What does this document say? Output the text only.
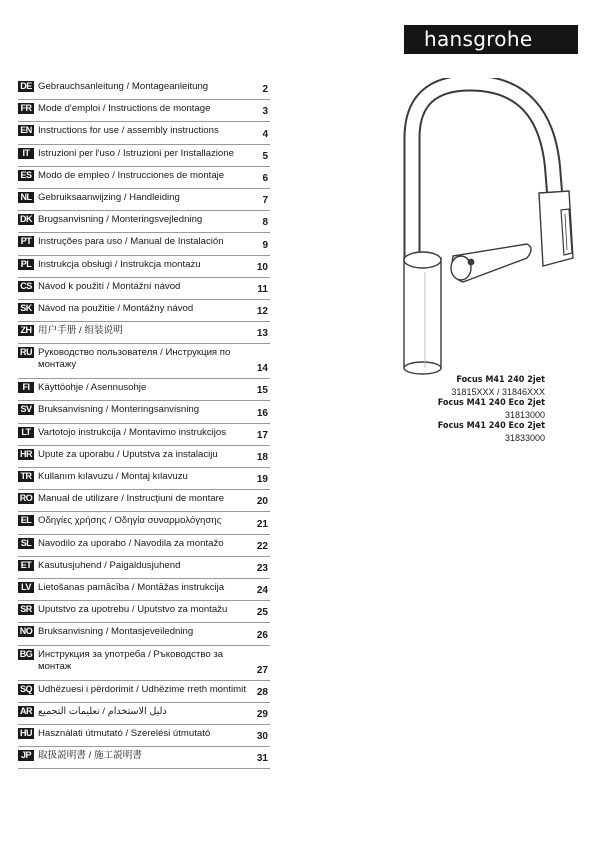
hansgrohe
DE Gebrauchsanleitung / Montageanleitung	2
FR Mode d'emploi / Instructions de montage	3
EN Instructions for use / assembly instructions	4
IT Istruzioni per l'uso / Istruzioni per Installazione	5
ES Modo de empleo / Instrucciones de montaje	6
NL Gebruiksaanwijzing / Handleiding	7
DK Brugsanvisning / Monteringsvejledning	8
PT Instruções para uso / Manual de Instalación	9
PL Instrukcja obsługi / Instrukcja montażu	10
CS Návod k použití / Montážní návod	11
SK Návod na použitie / Montážny návod	12
ZH 用户手册 / 组装说明	13
RU Руководство пользователя / Инструкция по монтажу	14
FI Käyttöohje / Asennusohje	15
SV Bruksanvisning / Monteringsanvisning	16
LT Vartotojo instrukcija / Montavimo instrukcijos	17
HR Upute za uporabu / Uputstva za instalaciju	18
TR Kullanım kılavuzu / Montaj kılavuzu	19
RO Manual de utilizare / Instrucţiuni de montare	20
EL Οδηγίες χρήσης / Οδηγία συναρμολόγησης	21
SL Navodilo za uporabo / Navodila za montažo	22
ET Kasutusjuhend / Paigaldusjuhend	23
LV Lietošanas pamācība / Montāžas instrukcija	24
SR Uputstvo za upotrebu / Uputstvo za montažu	25
NO Bruksanvisning / Montasjeveiledning	26
BG Инструкция за употреба / Ръководство за монтаж	27
SQ Udhëzuesi i përdorimit / Udhëzime rreth montimit	28
AR دليل الاستخدام / تعليمات التجميع	29
HU Használati útmutató / Szerelési útmutató	30
JP 取扱説明書 / 施工説明書	31
Focus M41 240 2jet
31815XXX / 31846XXX
Focus M41 240 Eco 2jet
31813000
Focus M41 240 Eco 2jet
31833000
